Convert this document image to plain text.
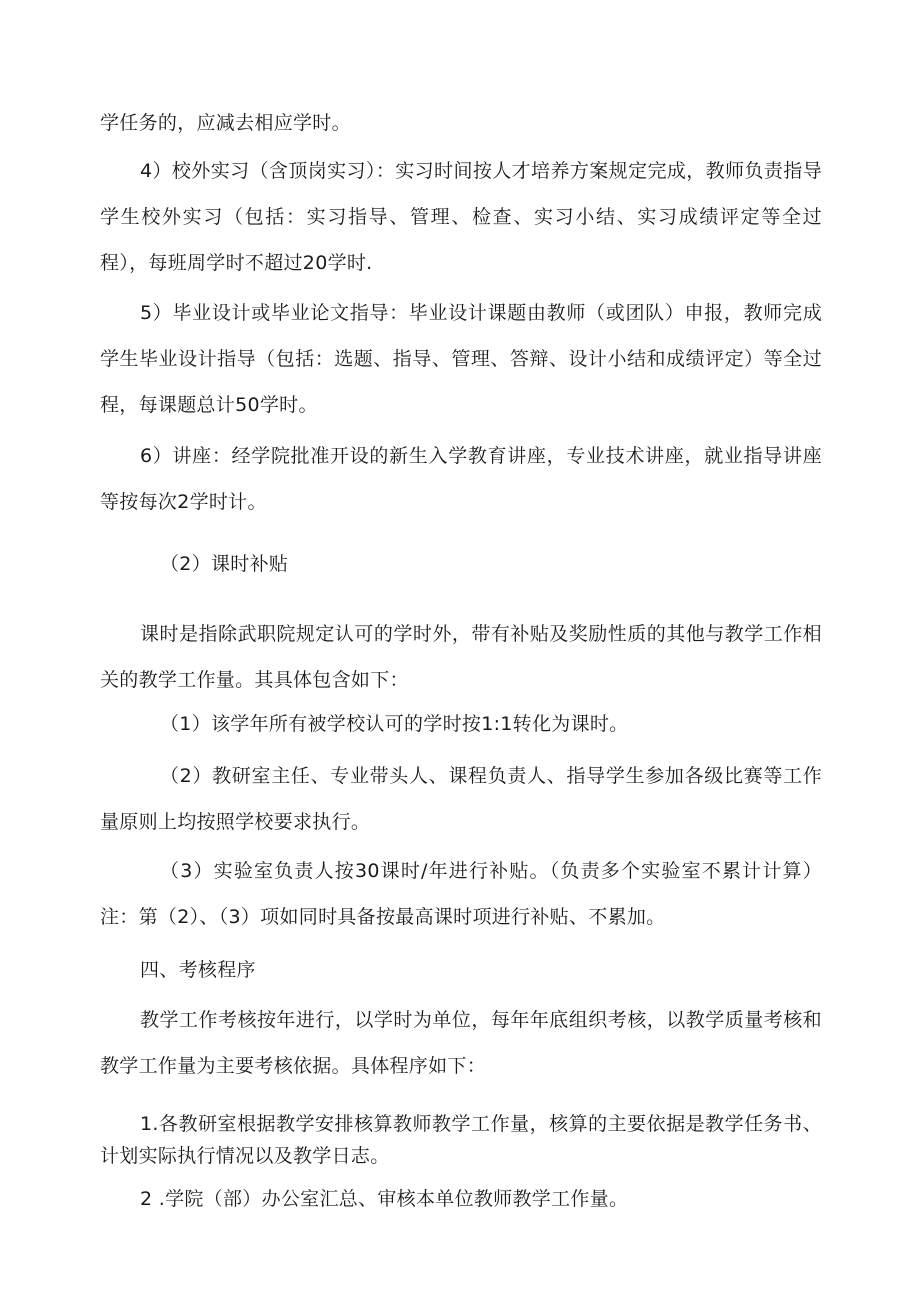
学任务的，应减去相应学时。

4）校外实习（含顶岗实习）：实习时间按人才培养方案规定完成，教师负责指导学生校外实习（包括：实习指导、管理、检查、实习小结、实习成绩评定等全过程），每班周学时不超过20学时.

5）毕业设计或毕业论文指导：毕业设计课题由教师（或团队）申报，教师完成学生毕业设计指导（包括：选题、指导、管理、答辩、设计小结和成绩评定）等全过程，每课题总计50学时。

6）讲座：经学院批准开设的新生入学教育讲座，专业技术讲座，就业指导讲座等按每次2学时计。

（2）课时补贴

课时是指除武职院规定认可的学时外，带有补贴及奖励性质的其他与教学工作相关的教学工作量。其具体包含如下：

（1）该学年所有被学校认可的学时按1:1转化为课时。

（2）教研室主任、专业带头人、课程负责人、指导学生参加各级比赛等工作量原则上均按照学校要求执行。

（3）实验室负责人按30课时/年进行补贴。（负责多个实验室不累计计算）注：第（2）、（3）项如同时具备按最高课时项进行补贴、不累加。

四、考核程序

教学工作考核按年进行，以学时为单位，每年年底组织考核，以教学质量考核和教学工作量为主要考核依据。具体程序如下：

1.各教研室根据教学安排核算教师教学工作量，核算的主要依据是教学任务书、计划实际执行情况以及教学日志。

2 .学院（部）办公室汇总、审核本单位教师教学工作量。
